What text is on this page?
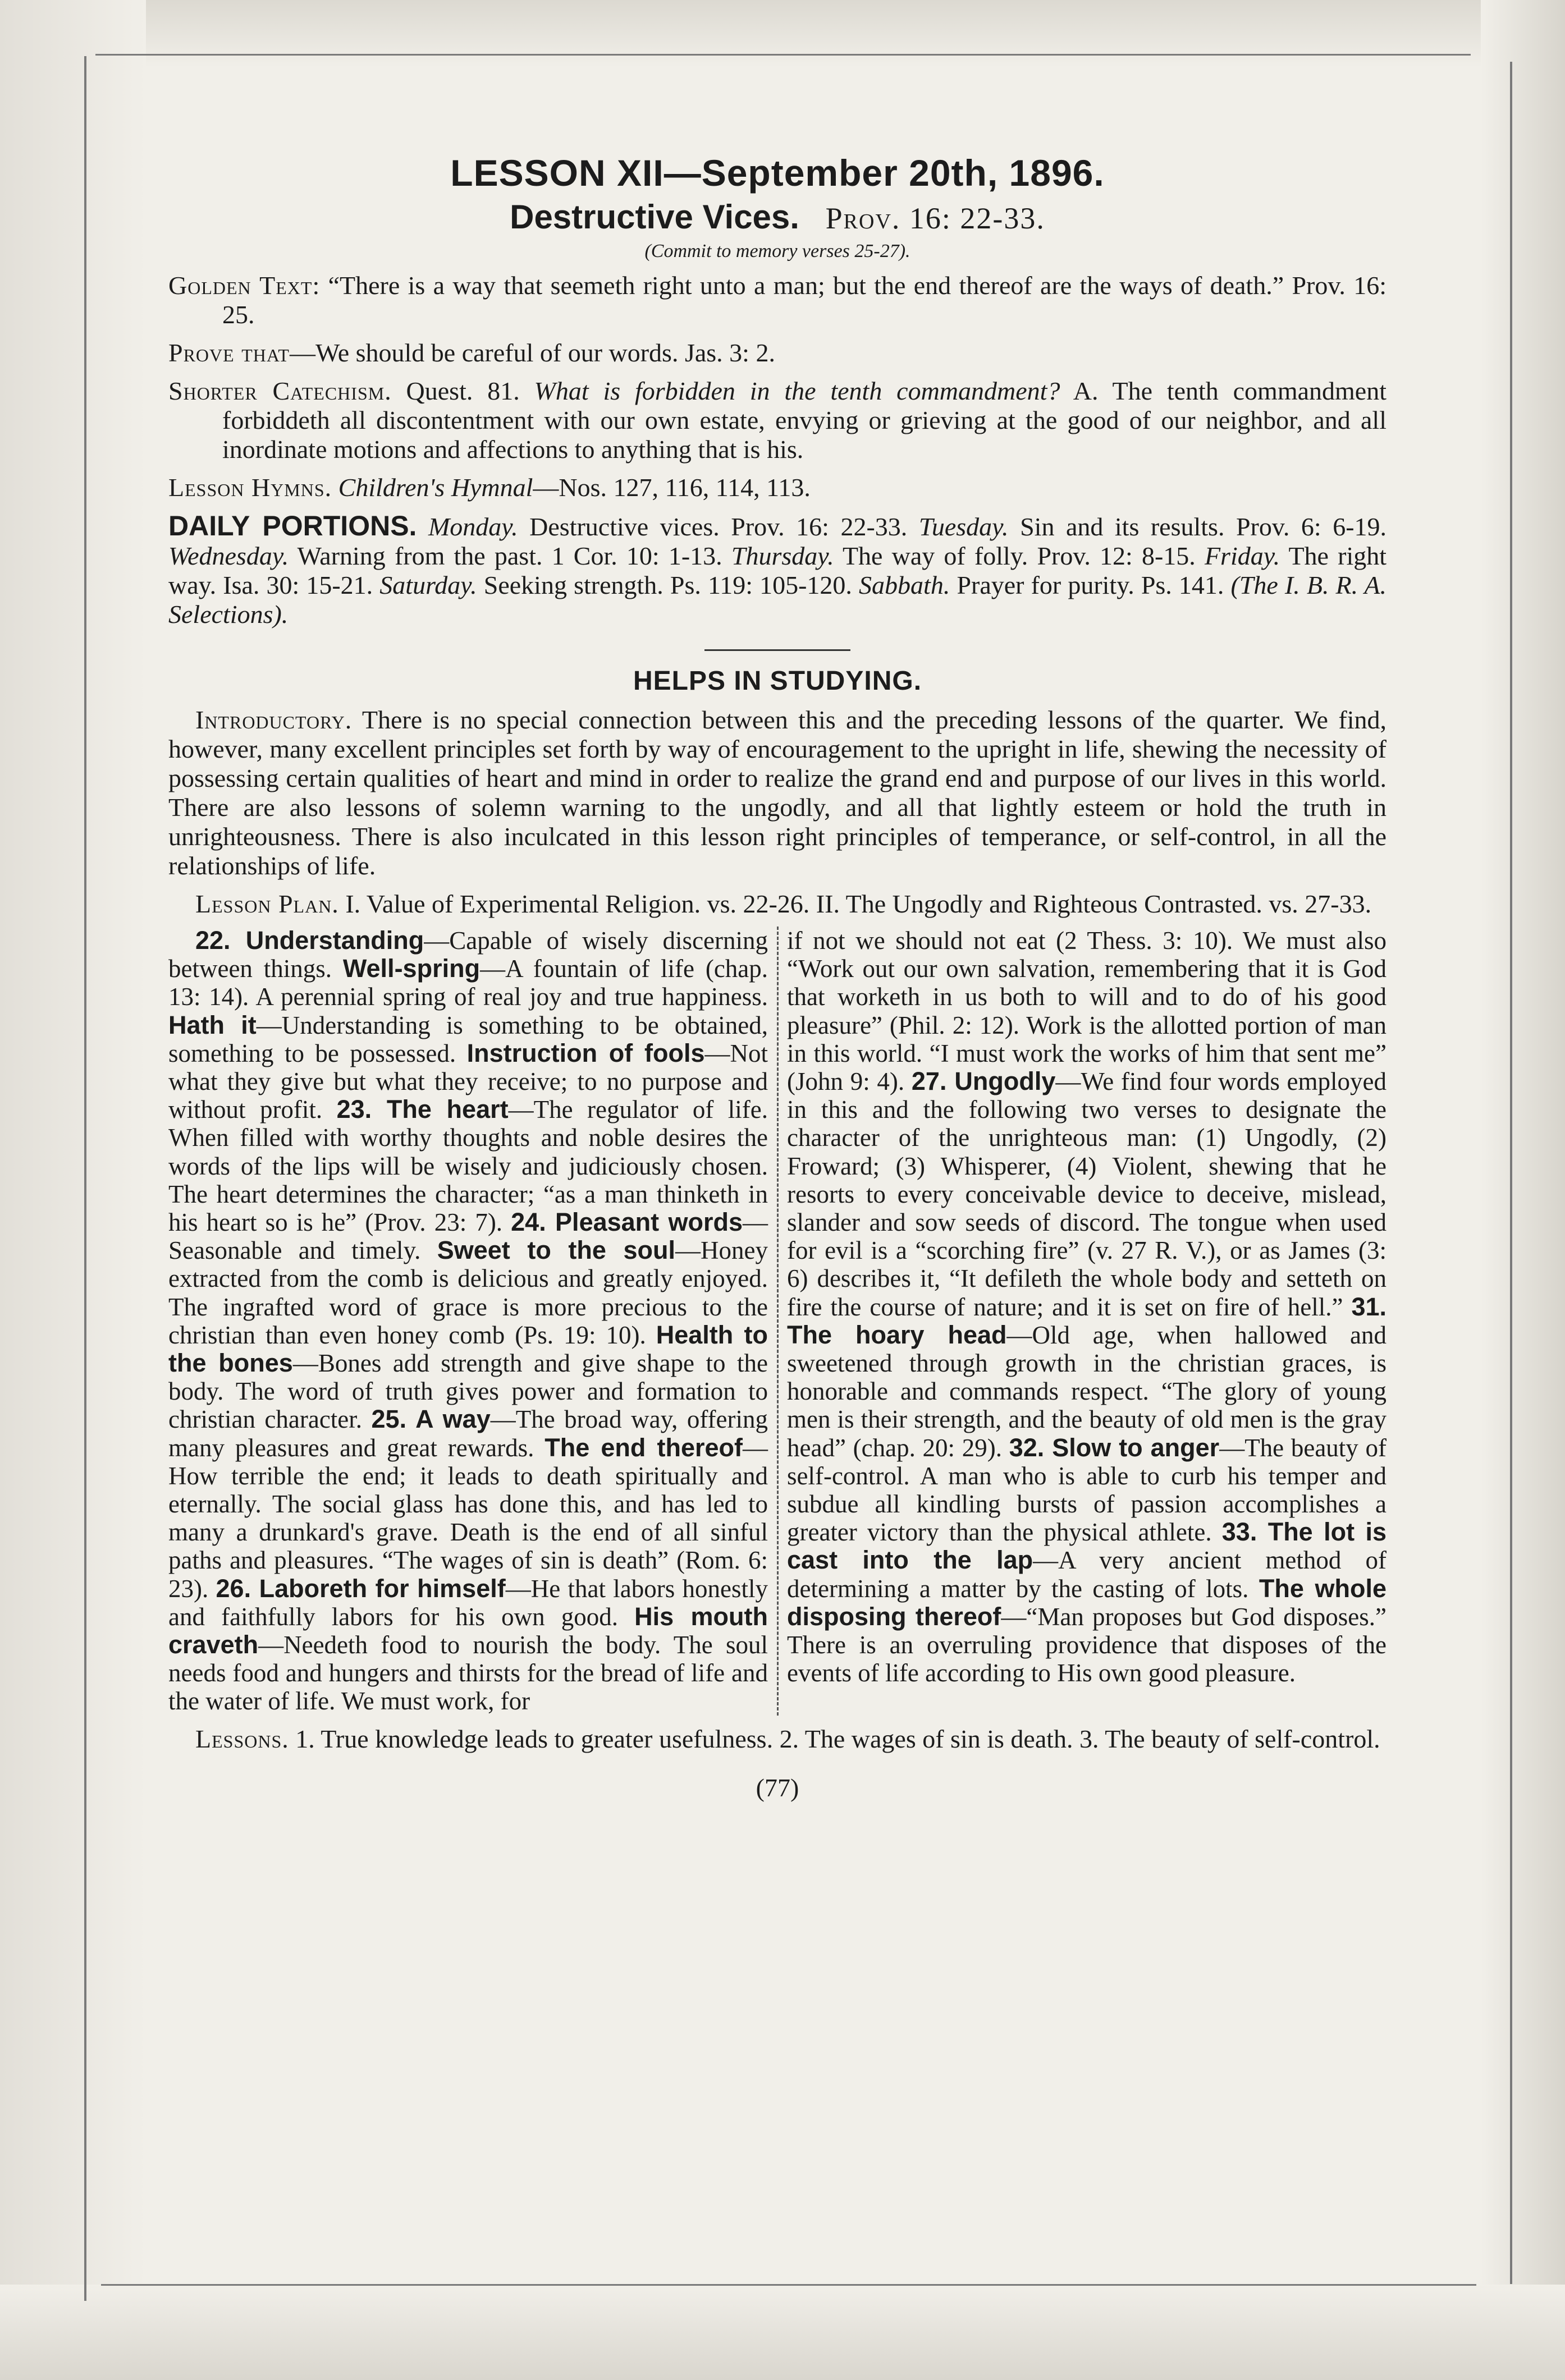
LESSON XII—September 20th, 1896.
Destructive Vices. Prov. 16: 22-33.
(Commit to memory verses 25-27).

Golden Text: “There is a way that seemeth right unto a man; but the end thereof are the ways of death.” Prov. 16: 25.

Prove that—We should be careful of our words. Jas. 3: 2.

Shorter Catechism. Quest. 81. What is forbidden in the tenth commandment? A. The tenth commandment forbiddeth all discontentment with our own estate, envying or grieving at the good of our neighbor, and all inordinate motions and affections to anything that is his.

Lesson Hymns. Children's Hymnal—Nos. 127, 116, 114, 113.

DAILY PORTIONS. Monday. Destructive vices. Prov. 16: 22-33. Tuesday. Sin and its results. Prov. 6: 6-19. Wednesday. Warning from the past. 1 Cor. 10: 1-13. Thursday. The way of folly. Prov. 12: 8-15. Friday. The right way. Isa. 30: 15-21. Saturday. Seeking strength. Ps. 119: 105-120. Sabbath. Prayer for purity. Ps. 141. (The I. B. R. A. Selections).

HELPS IN STUDYING.

Introductory. There is no special connection between this and the preceding lessons of the quarter. We find, however, many excellent principles set forth by way of encouragement to the upright in life, shewing the necessity of possessing certain qualities of heart and mind in order to realize the grand end and purpose of our lives in this world. There are also lessons of solemn warning to the ungodly, and all that lightly esteem or hold the truth in unrighteousness. There is also inculcated in this lesson right principles of temperance, or self-control, in all the relationships of life.

Lesson Plan. I. Value of Experimental Religion. vs. 22-26. II. The Ungodly and Righteous Contrasted. vs. 27-33.

22. Understanding—Capable of wisely discerning between things. Well-spring—A fountain of life (chap. 13: 14). A perennial spring of real joy and true happiness. Hath it—Understanding is something to be obtained, something to be possessed. Instruction of fools—Not what they give but what they receive; to no purpose and without profit. 23. The heart—The regulator of life. When filled with worthy thoughts and noble desires the words of the lips will be wisely and judiciously chosen. The heart determines the character; “as a man thinketh in his heart so is he” (Prov. 23: 7). 24. Pleasant words—Seasonable and timely. Sweet to the soul—Honey extracted from the comb is delicious and greatly enjoyed. The ingrafted word of grace is more precious to the christian than even honey comb (Ps. 19: 10). Health to the bones—Bones add strength and give shape to the body. The word of truth gives power and formation to christian character. 25. A way—The broad way, offering many pleasures and great rewards. The end thereof—How terrible the end; it leads to death spiritually and eternally. The social glass has done this, and has led to many a drunkard's grave. Death is the end of all sinful paths and pleasures. “The wages of sin is death” (Rom. 6: 23). 26. Laboreth for himself—He that labors honestly and faithfully labors for his own good. His mouth craveth—Needeth food to nourish the body. The soul needs food and hungers and thirsts for the bread of life and the water of life. We must work, for
if not we should not eat (2 Thess. 3: 10). We must also “Work out our own salvation, remembering that it is God that worketh in us both to will and to do of his good pleasure” (Phil. 2: 12). Work is the allotted portion of man in this world. “I must work the works of him that sent me” (John 9: 4). 27. Ungodly—We find four words employed in this and the following two verses to designate the character of the unrighteous man: (1) Ungodly, (2) Froward; (3) Whisperer, (4) Violent, shewing that he resorts to every conceivable device to deceive, mislead, slander and sow seeds of discord. The tongue when used for evil is a “scorching fire” (v. 27 R. V.), or as James (3: 6) describes it, “It defileth the whole body and setteth on fire the course of nature; and it is set on fire of hell.” 31. The hoary head—Old age, when hallowed and sweetened through growth in the christian graces, is honorable and commands respect. “The glory of young men is their strength, and the beauty of old men is the gray head” (chap. 20: 29). 32. Slow to anger—The beauty of self-control. A man who is able to curb his temper and subdue all kindling bursts of passion accomplishes a greater victory than the physical athlete. 33. The lot is cast into the lap—A very ancient method of determining a matter by the casting of lots. The whole disposing thereof—“Man proposes but God disposes.” There is an overruling providence that disposes of the events of life according to His own good pleasure.

Lessons. 1. True knowledge leads to greater usefulness. 2. The wages of sin is death. 3. The beauty of self-control.

(77)
